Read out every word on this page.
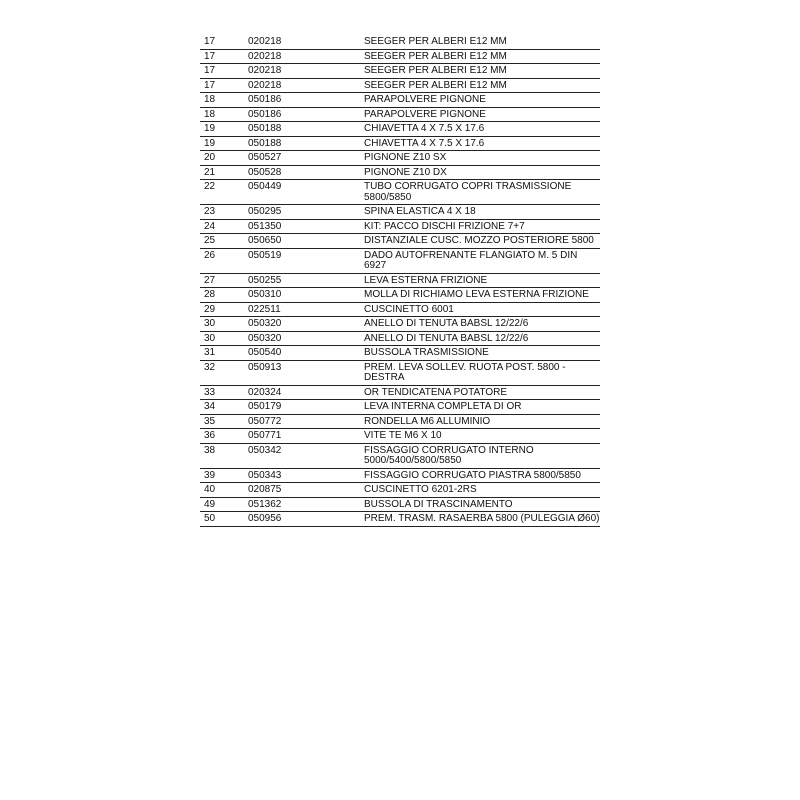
17	020218	SEEGER PER ALBERI E12 MM
17	020218	SEEGER PER ALBERI E12 MM
17	020218	SEEGER PER ALBERI E12 MM
17	020218	SEEGER PER ALBERI E12 MM
18	050186	PARAPOLVERE PIGNONE
18	050186	PARAPOLVERE PIGNONE
19	050188	CHIAVETTA 4 X 7.5 X 17.6
19	050188	CHIAVETTA 4 X 7.5 X 17.6
20	050527	PIGNONE Z10 SX
21	050528	PIGNONE Z10 DX
22	050449	TUBO CORRUGATO COPRI TRASMISSIONE 5800/5850
23	050295	SPINA ELASTICA 4 X 18
24	051350	KIT: PACCO DISCHI FRIZIONE 7+7
25	050650	DISTANZIALE CUSC. MOZZO POSTERIORE 5800
26	050519	DADO AUTOFRENANTE FLANGIATO M. 5 DIN 6927
27	050255	LEVA ESTERNA FRIZIONE
28	050310	MOLLA DI RICHIAMO LEVA ESTERNA FRIZIONE
29	022511	CUSCINETTO 6001
30	050320	ANELLO DI TENUTA BABSL 12/22/6
30	050320	ANELLO DI TENUTA BABSL 12/22/6
31	050540	BUSSOLA TRASMISSIONE
32	050913	PREM. LEVA SOLLEV. RUOTA POST. 5800 - DESTRA
33	020324	OR TENDICATENA POTATORE
34	050179	LEVA INTERNA COMPLETA DI OR
35	050772	RONDELLA M6 ALLUMINIO
36	050771	VITE TE M6 X 10
38	050342	FISSAGGIO CORRUGATO INTERNO 5000/5400/5800/5850
39	050343	FISSAGGIO CORRUGATO PIASTRA 5800/5850
40	020875	CUSCINETTO 6201-2RS
49	051362	BUSSOLA DI TRASCINAMENTO
50	050956	PREM. TRASM. RASAERBA 5800 (PULEGGIA Ø60)
